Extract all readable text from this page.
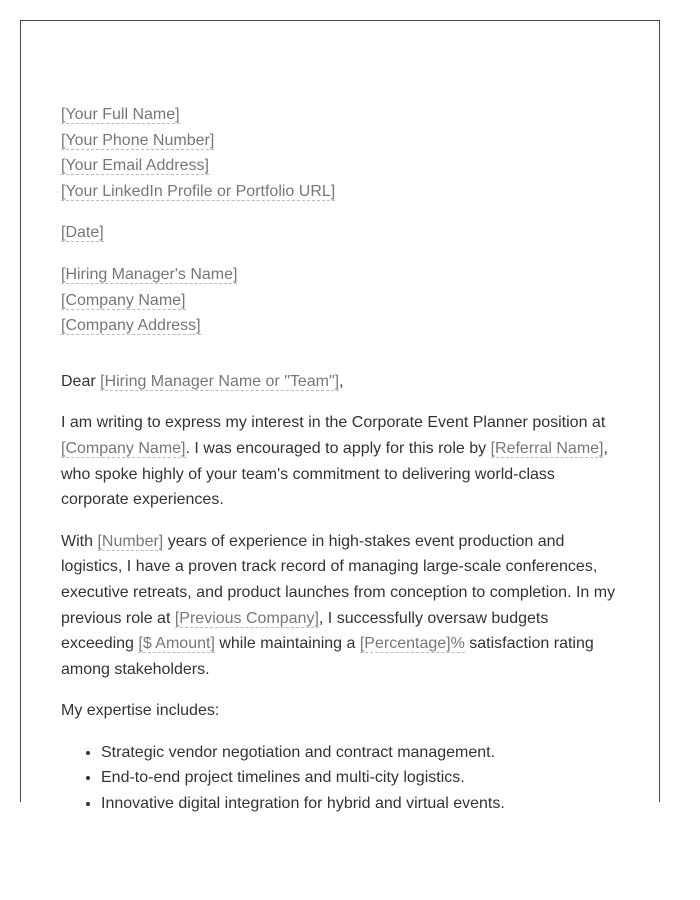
[Your Full Name]
[Your Phone Number]
[Your Email Address]
[Your LinkedIn Profile or Portfolio URL]
[Date]
[Hiring Manager's Name]
[Company Name]
[Company Address]

Dear [Hiring Manager Name or "Team"],

I am writing to express my interest in the Corporate Event Planner position at [Company Name]. I was encouraged to apply for this role by [Referral Name], who spoke highly of your team's commitment to delivering world-class corporate experiences.

With [Number] years of experience in high-stakes event production and logistics, I have a proven track record of managing large-scale conferences, executive retreats, and product launches from conception to completion. In my previous role at [Previous Company], I successfully oversaw budgets exceeding [$ Amount] while maintaining a [Percentage]% satisfaction rating among stakeholders.

My expertise includes:

• Strategic vendor negotiation and contract management.
• End-to-end project timelines and multi-city logistics.
• Innovative digital integration for hybrid and virtual events.
